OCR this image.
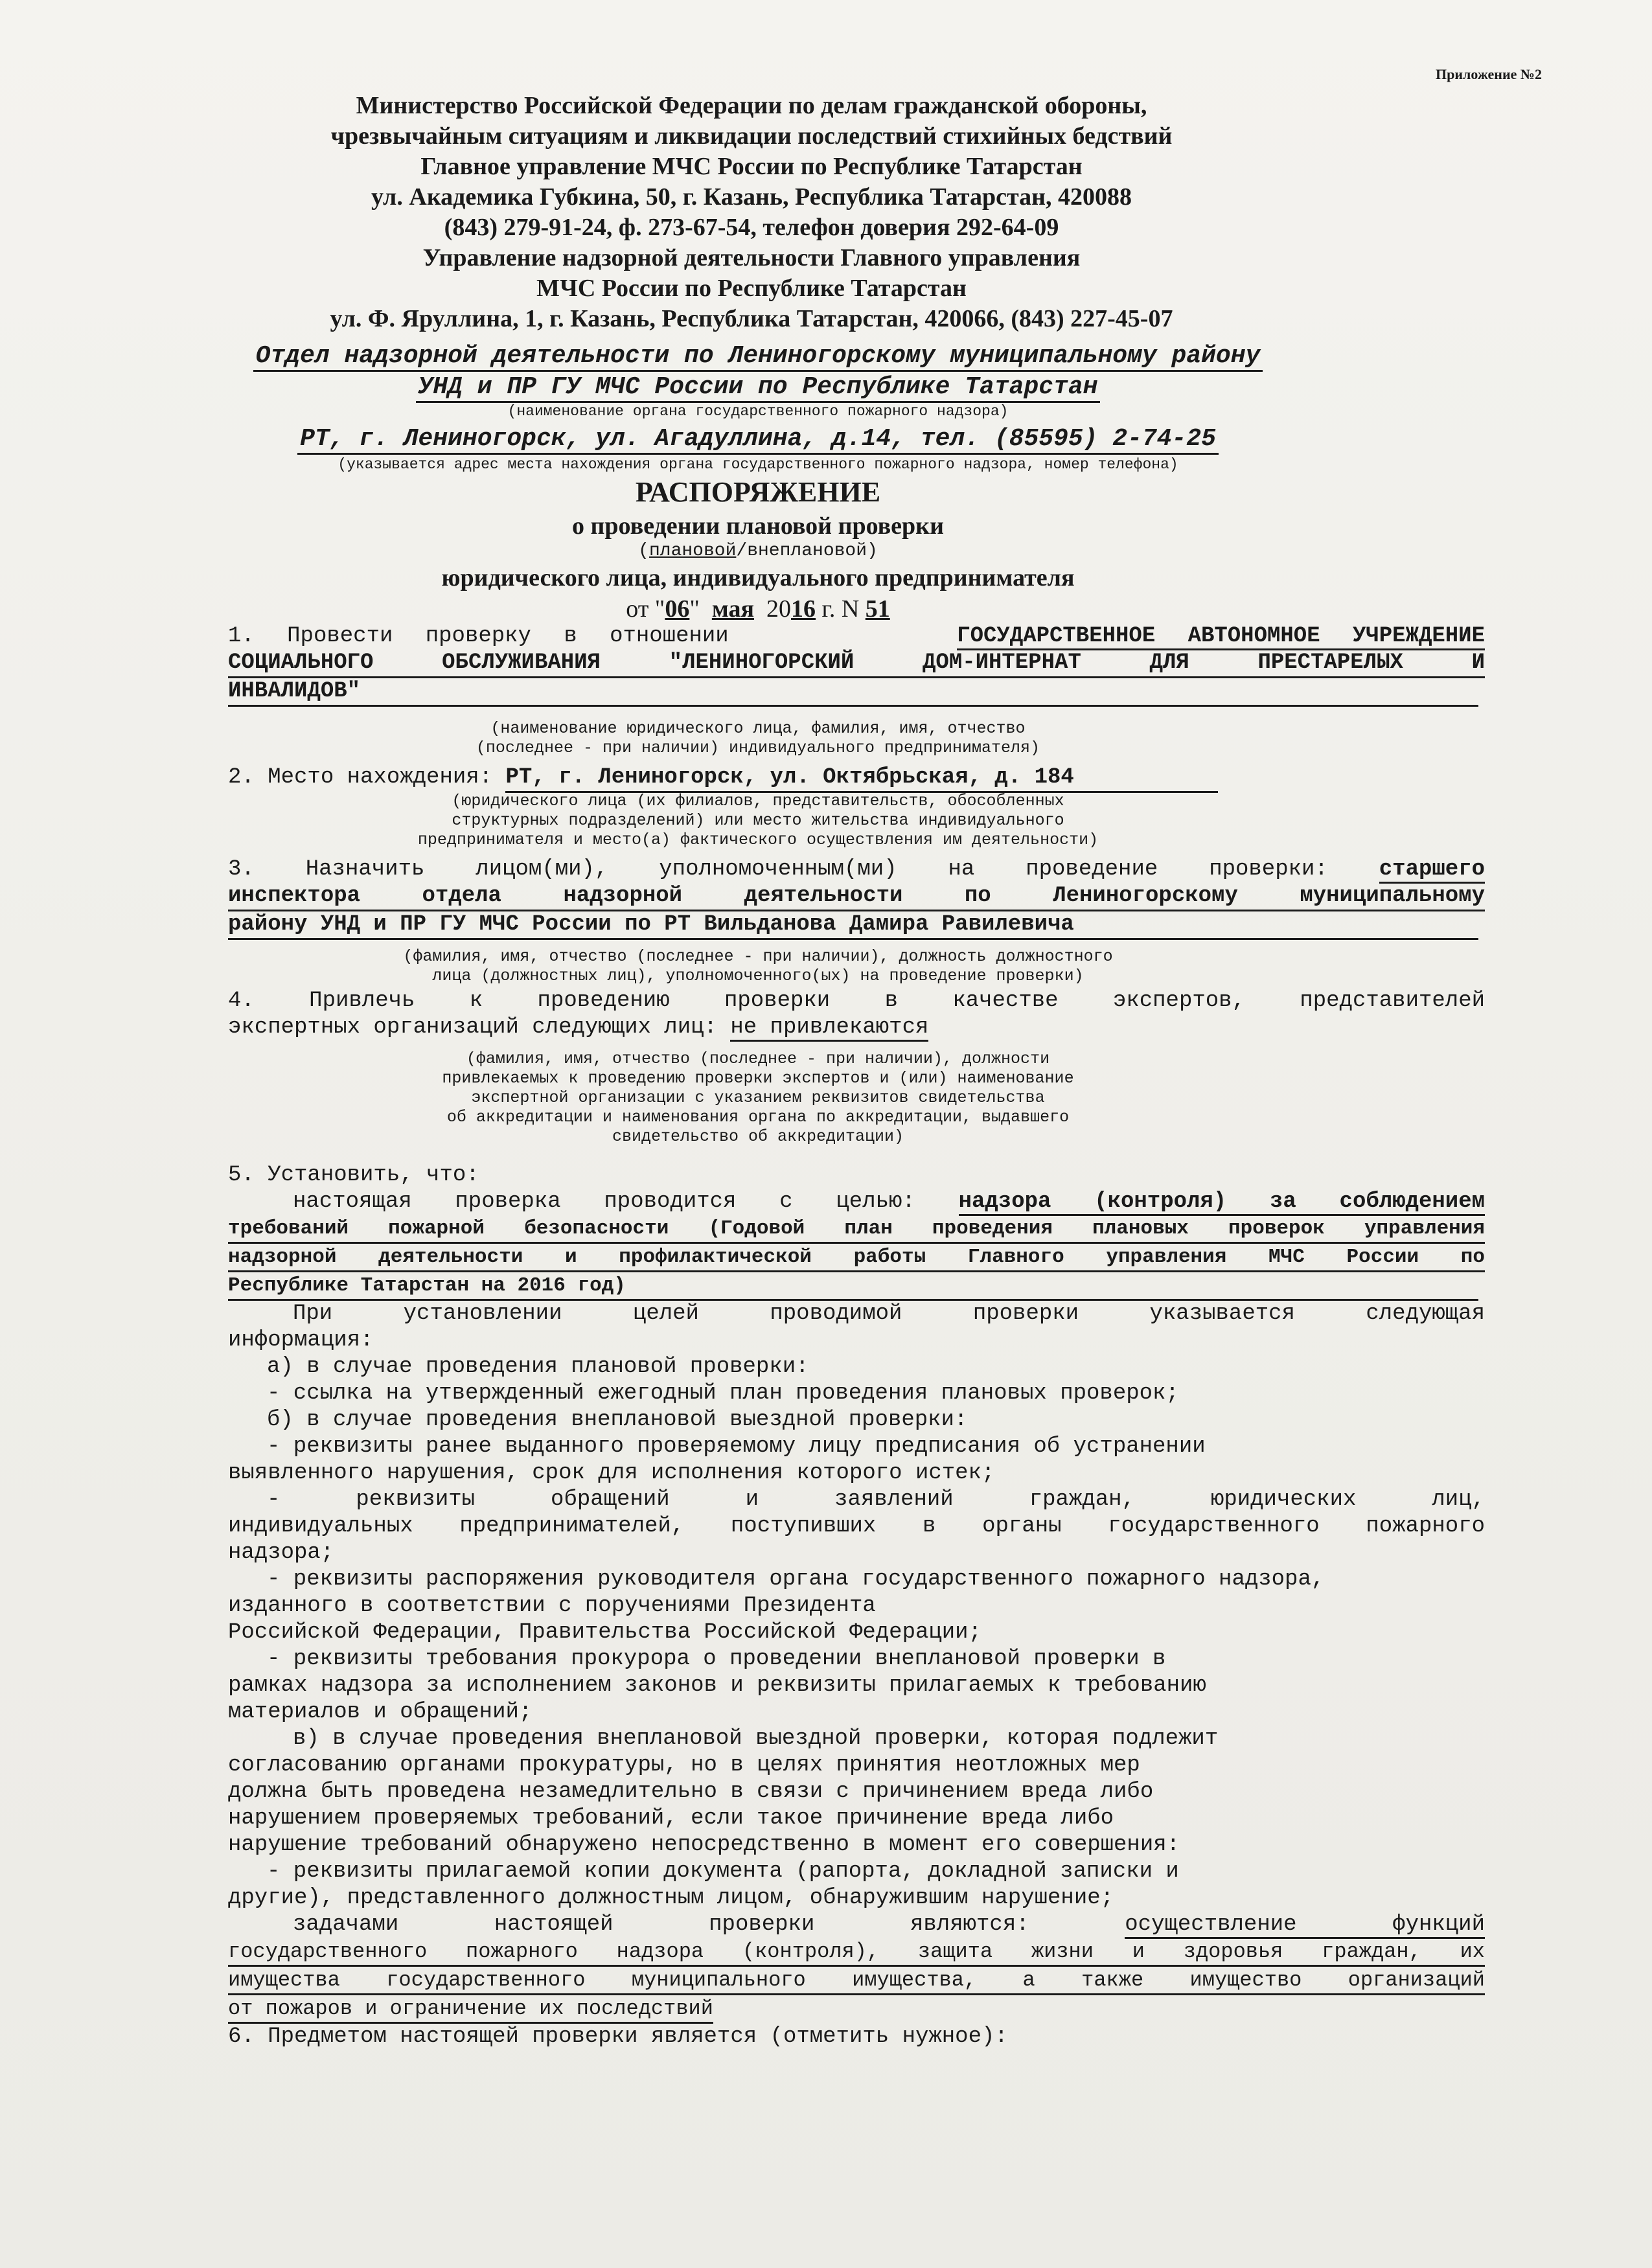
Приложение №2
Министерство Российской Федерации по делам гражданской обороны,
чрезвычайным ситуациям и ликвидации последствий стихийных бедствий
Главное управление МЧС России по Республике Татарстан
ул. Академика Губкина, 50, г. Казань, Республика Татарстан, 420088
(843) 279-91-24, ф. 273-67-54, телефон доверия 292-64-09
Управление надзорной деятельности Главного управления
МЧС России по Республике Татарстан
ул. Ф. Яруллина, 1, г. Казань, Республика Татарстан, 420066, (843) 227-45-07
Отдел надзорной деятельности по Лениногорскому муниципальному району
УНД и ПР ГУ МЧС России по Республике Татарстан
(наименование органа государственного пожарного надзора)
РТ, г. Лениногорск, ул. Агадуллина, д.14, тел. (85595) 2-74-25
(указывается адрес места нахождения органа государственного пожарного надзора, номер телефона)
РАСПОРЯЖЕНИЕ
о проведении плановой проверки
(плановой/внеплановой)
юридического лица, индивидуального предпринимателя
от "06" мая 2016 г. N 51
1. Провести проверку в отношении	ГОСУДАРСТВЕННОЕ АВТОНОМНОЕ УЧРЕЖДЕНИЕ
СОЦИАЛЬНОГО ОБСЛУЖИВАНИЯ "ЛЕНИНОГОРСКИЙ ДОМ-ИНТЕРНАТ ДЛЯ ПРЕСТАРЕЛЫХ И
ИНВАЛИДОВ"
(наименование юридического лица, фамилия, имя, отчество
(последнее - при наличии) индивидуального предпринимателя)
2. Место нахождения: РТ, г. Лениногорск, ул. Октябрьская, д. 184
(юридического лица (их филиалов, представительств, обособленных
структурных подразделений) или место жительства индивидуального
предпринимателя и место(а) фактического осуществления им деятельности)
3. Назначить лицом(ми), уполномоченным(ми) на проведение проверки: старшего
инспектора отдела надзорной деятельности по Лениногорскому муниципальному
району УНД и ПР ГУ МЧС России по РТ Вильданова Дамира Равилевича
(фамилия, имя, отчество (последнее - при наличии), должность должностного
лица (должностных лиц), уполномоченного(ых) на проведение проверки)
4. Привлечь к проведению проверки в качестве экспертов, представителей
экспертных организаций следующих лиц: не привлекаются
(фамилия, имя, отчество (последнее - при наличии), должности
привлекаемых к проведению проверки экспертов и (или) наименование
экспертной организации с указанием реквизитов свидетельства
об аккредитации и наименования органа по аккредитации, выдавшего
свидетельство об аккредитации)
5. Установить, что:
настоящая проверка проводится с целью: надзора (контроля) за соблюдением
требований пожарной безопасности (Годовой план проведения плановых проверок управления
надзорной деятельности и профилактической работы Главного управления МЧС России по
Республике Татарстан на 2016 год)
При установлении целей проводимой проверки указывается следующая
информация:
а) в случае проведения плановой проверки:
- ссылка на утвержденный ежегодный план проведения плановых проверок;
б) в случае проведения внеплановой выездной проверки:
- реквизиты ранее выданного проверяемому лицу предписания об устранении
выявленного нарушения, срок для исполнения которого истек;
- реквизиты обращений и заявлений граждан, юридических лиц,
индивидуальных предпринимателей, поступивших в органы государственного пожарного
надзора;
- реквизиты распоряжения руководителя органа государственного пожарного надзора,
изданного в соответствии с поручениями Президента
Российской Федерации, Правительства Российской Федерации;
- реквизиты требования прокурора о проведении внеплановой проверки в
рамках надзора за исполнением законов и реквизиты прилагаемых к требованию
материалов и обращений;
в) в случае проведения внеплановой выездной проверки, которая подлежит
согласованию органами прокуратуры, но в целях принятия неотложных мер
должна быть проведена незамедлительно в связи с причинением вреда либо
нарушением проверяемых требований, если такое причинение вреда либо
нарушение требований обнаружено непосредственно в момент его совершения:
- реквизиты прилагаемой копии документа (рапорта, докладной записки и
другие), представленного должностным лицом, обнаружившим нарушение;
задачами настоящей проверки являются: осуществление функций
государственного пожарного надзора (контроля), защита жизни и здоровья граждан, их
имущества государственного муниципального имущества, а также имущество организаций
от пожаров и ограничение их последствий
6. Предметом настоящей проверки является (отметить нужное):
